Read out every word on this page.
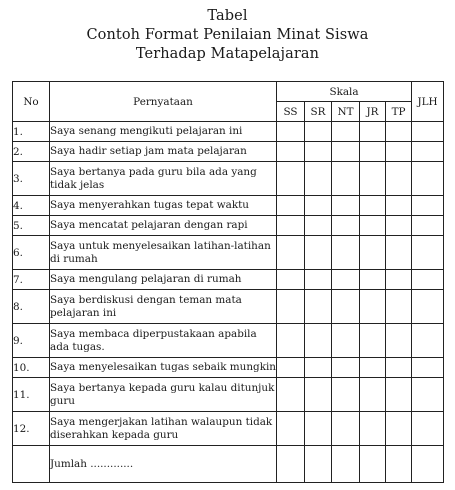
Tabel
Contoh Format Penilaian Minat Siswa
Terhadap Matapelajaran
No	Pernyataan	Skala					JLH
		SS	SR	NT	JR	TP	
1.	Saya senang mengikuti pelajaran ini						
2.	Saya hadir setiap jam mata pelajaran						
3.	Saya bertanya pada guru bila ada yang tidak jelas						
4.	Saya menyerahkan tugas tepat waktu						
5.	Saya mencatat pelajaran dengan rapi						
6.	Saya untuk menyelesaikan latihan-latihan di rumah						
7.	Saya mengulang pelajaran di rumah						
8.	Saya berdiskusi dengan teman mata pelajaran ini						
9.	Saya membaca diperpustakaan apabila ada tugas.						
10.	Saya menyelesaikan tugas sebaik mungkin						
11.	Saya bertanya kepada guru kalau ditunjuk guru						
12.	Saya mengerjakan latihan walaupun tidak diserahkan kepada guru						
	Jumlah .............						
